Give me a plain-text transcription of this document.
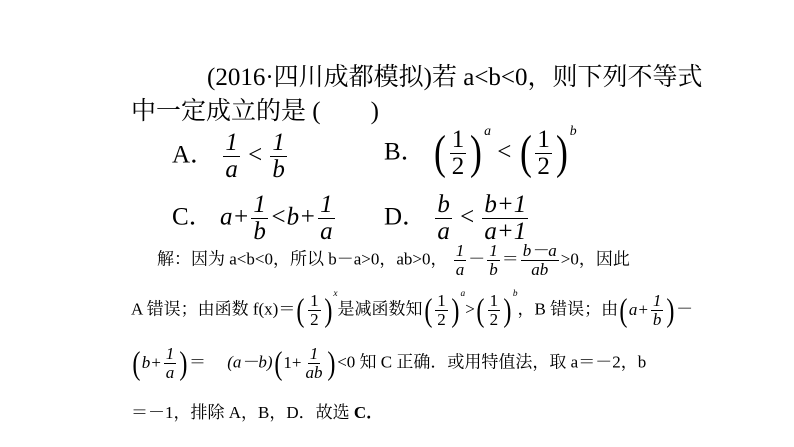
(2016·四川成都模拟)若 a<b<0，则下列不等式
中一定成立的是 (　　)
A． $\frac{1}{a} < \frac{1}{b}$	B． ( $\frac{1}{2}$ ) $^a$ < ( $\frac{1}{2}$ ) $^b$
C． $a+ \frac{1}{b} <b+ \frac{1}{a}$ D． $\frac{b}{a} < \frac{b+1}{a+1}$
解：因为 a<b<0，所以 b－a>0，ab>0， $\frac{1}{a} - \frac{1}{b} = \frac{b-a}{ab} >0$，因此
A 错误；由函数 f(x)＝ ( $\frac{1}{2}$ ) $^x$是减函数知 ( $\frac{1}{2}$ ) $^a$> ( $\frac{1}{2}$ ) $^b$，B 错误；由 ( $a+ \frac{1}{b}$ ) －
( $b+ \frac{1}{a}$ ) ＝ (a－b) ( $1+ \frac{1}{ab}$ ) <0 知 C 正确．或用特值法，取 a＝－2，b
＝－1，排除 A，B，D．故选 C．
